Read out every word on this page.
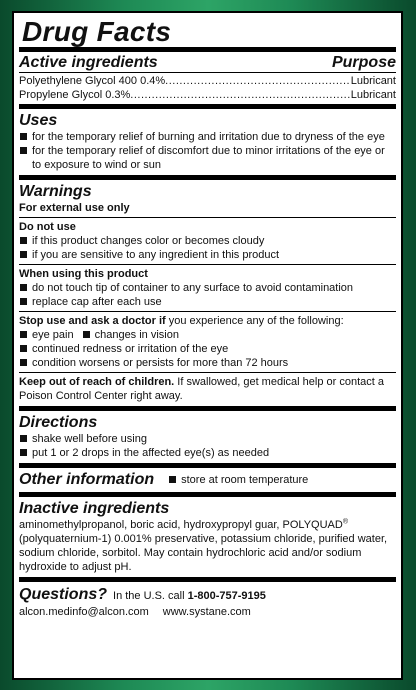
Drug Facts
Active ingredients	Purpose
Polyethylene Glycol 400 0.4% .....	Lubricant
Propylene Glycol 0.3% .....	Lubricant
Uses
for the temporary relief of burning and irritation due to dryness of the eye
for the temporary relief of discomfort due to minor irritations of the eye or to exposure to wind or sun
Warnings
For external use only
Do not use
if this product changes color or becomes cloudy
if you are sensitive to any ingredient in this product
When using this product
do not touch tip of container to any surface to avoid contamination
replace cap after each use
Stop use and ask a doctor if you experience any of the following:
eye pain changes in vision
continued redness or irritation of the eye
condition worsens or persists for more than 72 hours
Keep out of reach of children. If swallowed, get medical help or contact a Poison Control Center right away.
Directions
shake well before using
put 1 or 2 drops in the affected eye(s) as needed
Other information store at room temperature
Inactive ingredients
aminomethylpropanol, boric acid, hydroxypropyl guar, POLYQUAD® (polyquaternium-1) 0.001% preservative, potassium chloride, purified water, sodium chloride, sorbitol. May contain hydrochloric acid and/or sodium hydroxide to adjust pH.
Questions? In the U.S. call 1-800-757-9195
alcon.medinfo@alcon.com www.systane.com
